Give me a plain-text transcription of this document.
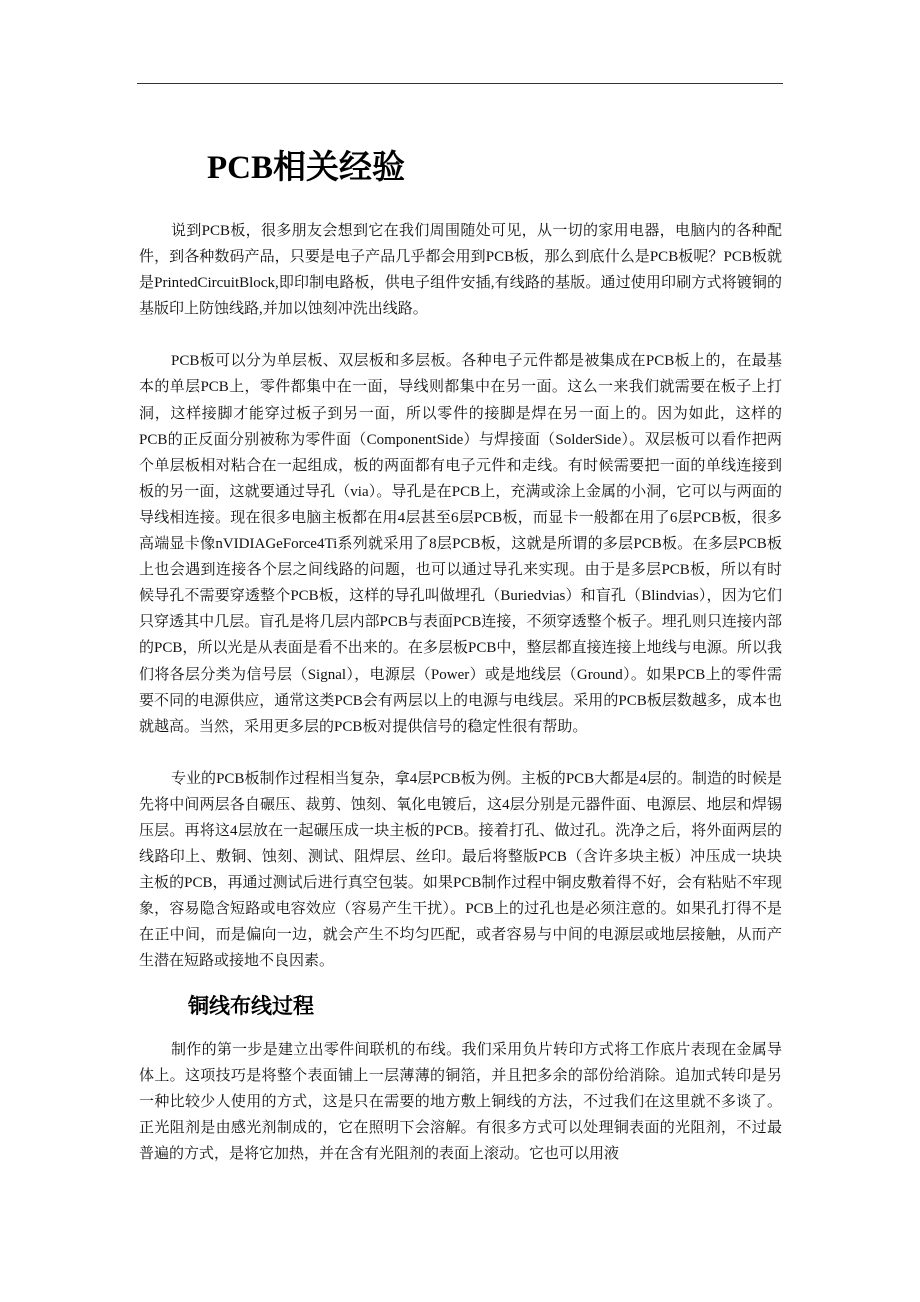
PCB相关经验

说到PCB板，很多朋友会想到它在我们周围随处可见，从一切的家用电器，电脑内的各种配件，到各种数码产品，只要是电子产品几乎都会用到PCB板，那么到底什么是PCB板呢？PCB板就是PrintedCircuitBlock,即印制电路板，供电子组件安插,有线路的基版。通过使用印刷方式将镀铜的基版印上防蚀线路,并加以蚀刻冲洗出线路。

PCB板可以分为单层板、双层板和多层板。各种电子元件都是被集成在PCB板上的，在最基本的单层PCB上，零件都集中在一面，导线则都集中在另一面。这么一来我们就需要在板子上打洞，这样接脚才能穿过板子到另一面，所以零件的接脚是焊在另一面上的。因为如此，这样的PCB的正反面分别被称为零件面（ComponentSide）与焊接面（SolderSide）。双层板可以看作把两个单层板相对粘合在一起组成，板的两面都有电子元件和走线。有时候需要把一面的单线连接到板的另一面，这就要通过导孔（via）。导孔是在PCB上，充满或涂上金属的小洞，它可以与两面的导线相连接。现在很多电脑主板都在用4层甚至6层PCB板，而显卡一般都在用了6层PCB板，很多高端显卡像nVIDIAGeForce4Ti系列就采用了8层PCB板，这就是所谓的多层PCB板。在多层PCB板上也会遇到连接各个层之间线路的问题，也可以通过导孔来实现。由于是多层PCB板，所以有时候导孔不需要穿透整个PCB板，这样的导孔叫做埋孔（Buriedvias）和盲孔（Blindvias），因为它们只穿透其中几层。盲孔是将几层内部PCB与表面PCB连接，不须穿透整个板子。埋孔则只连接内部的PCB，所以光是从表面是看不出来的。在多层板PCB中，整层都直接连接上地线与电源。所以我们将各层分类为信号层（Signal），电源层（Power）或是地线层（Ground）。如果PCB上的零件需要不同的电源供应，通常这类PCB会有两层以上的电源与电线层。采用的PCB板层数越多，成本也就越高。当然，采用更多层的PCB板对提供信号的稳定性很有帮助。

专业的PCB板制作过程相当复杂，拿4层PCB板为例。主板的PCB大都是4层的。制造的时候是先将中间两层各自碾压、裁剪、蚀刻、氧化电镀后，这4层分别是元器件面、电源层、地层和焊锡压层。再将这4层放在一起碾压成一块主板的PCB。接着打孔、做过孔。洗净之后，将外面两层的线路印上、敷铜、蚀刻、测试、阻焊层、丝印。最后将整版PCB（含许多块主板）冲压成一块块主板的PCB，再通过测试后进行真空包装。如果PCB制作过程中铜皮敷着得不好，会有粘贴不牢现象，容易隐含短路或电容效应（容易产生干扰）。PCB上的过孔也是必须注意的。如果孔打得不是在正中间，而是偏向一边，就会产生不均匀匹配，或者容易与中间的电源层或地层接触，从而产生潜在短路或接地不良因素。

铜线布线过程

制作的第一步是建立出零件间联机的布线。我们采用负片转印方式将工作底片表现在金属导体上。这项技巧是将整个表面铺上一层薄薄的铜箔，并且把多余的部份给消除。追加式转印是另一种比较少人使用的方式，这是只在需要的地方敷上铜线的方法，不过我们在这里就不多谈了。正光阻剂是由感光剂制成的，它在照明下会溶解。有很多方式可以处理铜表面的光阻剂，不过最普遍的方式，是将它加热，并在含有光阻剂的表面上滚动。它也可以用液
